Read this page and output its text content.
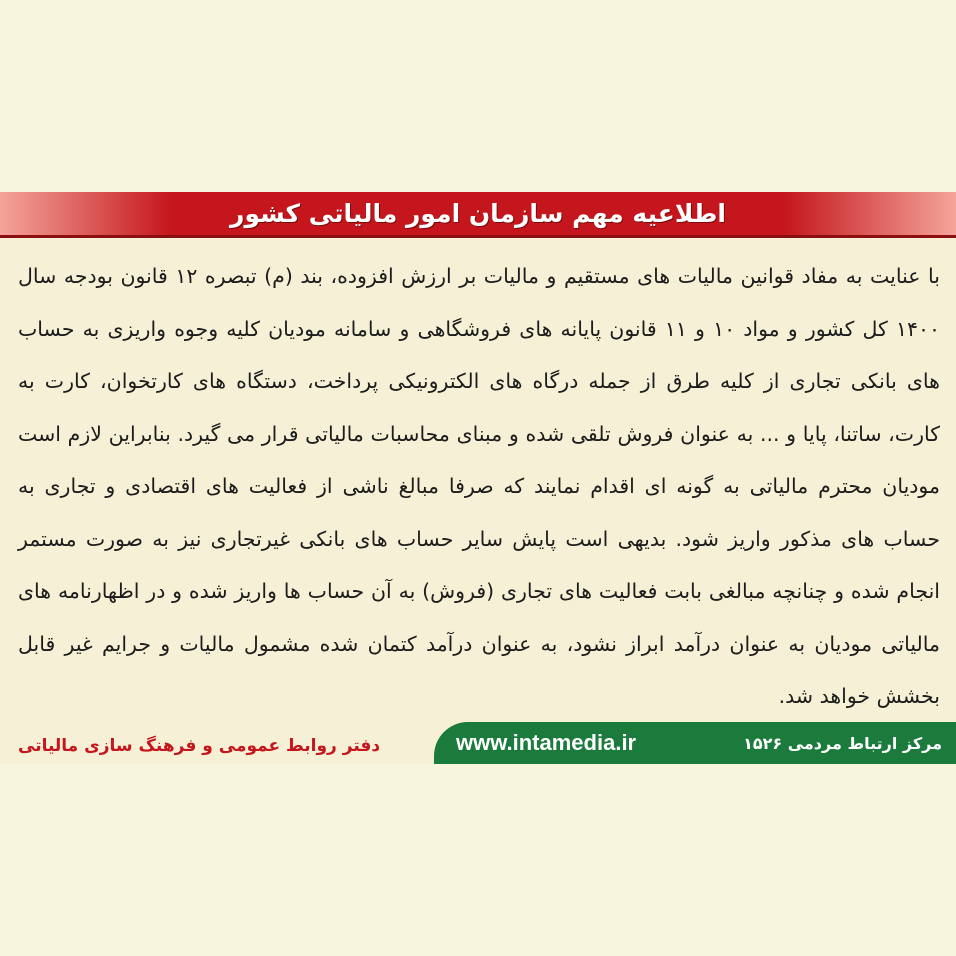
اطلاعیه مهم سازمان امور مالیاتی کشور
با عنایت به مفاد قوانین مالیات های مستقیم و مالیات بر ارزش افزوده، بند (م) تبصره ۱۲ قانون بودجه سال ۱۴۰۰ کل کشور و مواد ۱۰ و ۱۱ قانون پایانه های فروشگاهی و سامانه مودیان کلیه وجوه واریزی به حساب های بانکی تجاری از کلیه طرق از جمله درگاه های الکترونیکی پرداخت، دستگاه های کارتخوان، کارت به کارت، ساتنا، پایا و ... به عنوان فروش تلقی شده و مبنای محاسبات مالیاتی قرار می گیرد. بنابراین لازم است مودیان محترم مالیاتی به گونه ای اقدام نمایند که صرفا مبالغ ناشی از فعالیت های اقتصادی و تجاری به حساب های مذکور واریز شود. بدیهی است پایش سایر حساب های بانکی غیرتجاری نیز به صورت مستمر انجام شده و چنانچه مبالغی بابت فعالیت های تجاری (فروش) به آن حساب ها واریز شده و در اظهارنامه های مالیاتی مودیان به عنوان درآمد ابراز نشود، به عنوان درآمد کتمان شده مشمول مالیات و جرایم غیر قابل بخشش خواهد شد.
دفتر روابط عمومی و فرهنگ سازی مالیاتی	www.intamedia.ir	مرکز ارتباط مردمی ۱۵۲۶
